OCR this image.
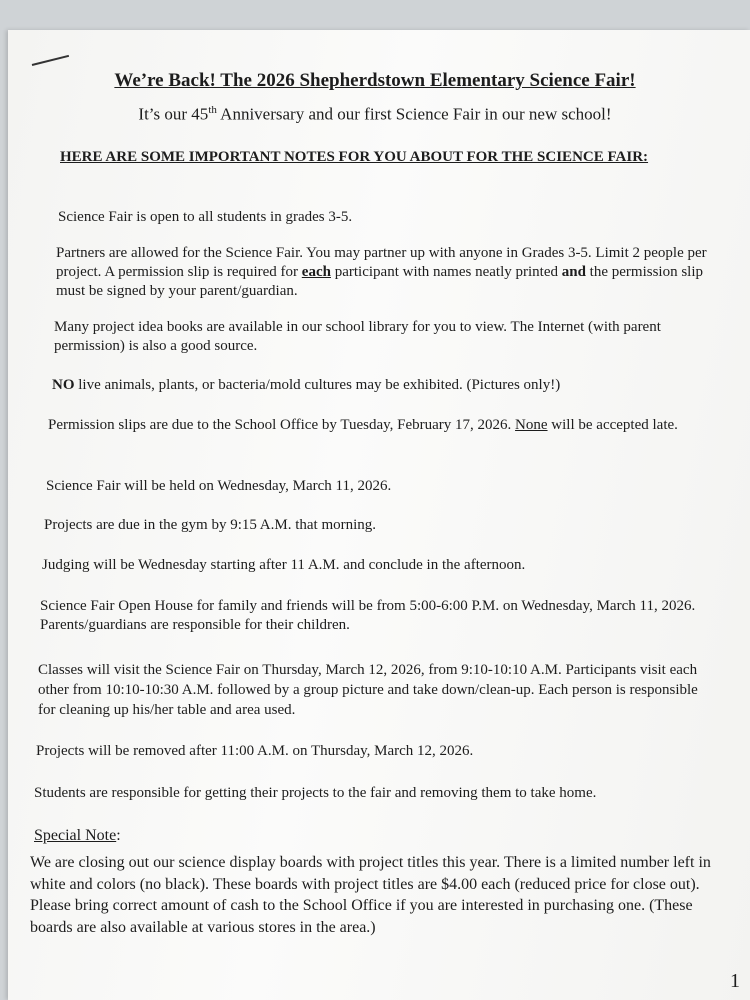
We’re Back! The 2026 Shepherdstown Elementary Science Fair!

It’s our 45th Anniversary and our first Science Fair in our new school!

HERE ARE SOME IMPORTANT NOTES FOR YOU ABOUT FOR THE SCIENCE FAIR:

Science Fair is open to all students in grades 3-5.

Partners are allowed for the Science Fair. You may partner up with anyone in Grades 3-5. Limit 2 people per project. A permission slip is required for each participant with names neatly printed and the permission slip must be signed by your parent/guardian.

Many project idea books are available in our school library for you to view. The Internet (with parent permission) is also a good source.

NO live animals, plants, or bacteria/mold cultures may be exhibited. (Pictures only!)

Permission slips are due to the School Office by Tuesday, February 17, 2026. None will be accepted late.

Science Fair will be held on Wednesday, March 11, 2026.

Projects are due in the gym by 9:15 A.M. that morning.

Judging will be Wednesday starting after 11 A.M. and conclude in the afternoon.

Science Fair Open House for family and friends will be from 5:00-6:00 P.M. on Wednesday, March 11, 2026. Parents/guardians are responsible for their children.

Classes will visit the Science Fair on Thursday, March 12, 2026, from 9:10-10:10 A.M. Participants visit each other from 10:10-10:30 A.M. followed by a group picture and take down/clean-up. Each person is responsible for cleaning up his/her table and area used.

Projects will be removed after 11:00 A.M. on Thursday, March 12, 2026.

Students are responsible for getting their projects to the fair and removing them to take home.

Special Note:

We are closing out our science display boards with project titles this year. There is a limited number left in white and colors (no black). These boards with project titles are $4.00 each (reduced price for close out). Please bring correct amount of cash to the School Office if you are interested in purchasing one. (These boards are also available at various stores in the area.)

1
